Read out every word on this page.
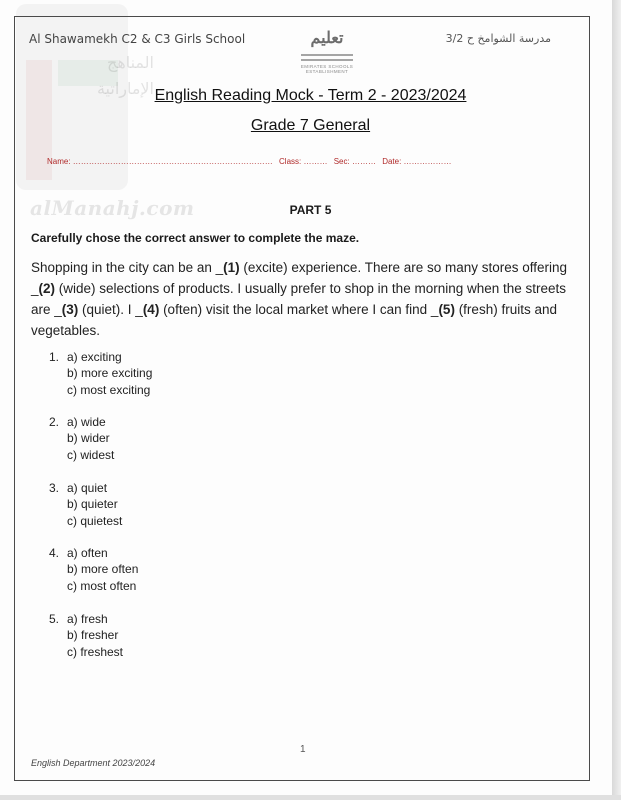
المناهج
الإماراتية
alManahj.com
Al Shawamekh C2 & C3 Girls School	مدرسة الشوامخ ح 3/2
تعليم
EMIRATES SCHOOLS ESTABLISHMENT
English Reading Mock - Term 2 - 2023/2024
Grade 7 General
Name: ………………………………………………………………… Class: ……… Sec: ……… Date: ………………
PART 5
Carefully chose the correct answer to complete the maze.
Shopping in the city can be an _(1) (excite) experience. There are so many stores offering _(2) (wide) selections of products. I usually prefer to shop in the morning when the streets are _(3) (quiet). I _(4) (often) visit the local market where I can find _(5) (fresh) fruits and vegetables.
1. a) exciting
b) more exciting
c) most exciting
2. a) wide
b) wider
c) widest
3. a) quiet
b) quieter
c) quietest
4. a) often
b) more often
c) most often
5. a) fresh
b) fresher
c) freshest
1
English Department 2023/2024
